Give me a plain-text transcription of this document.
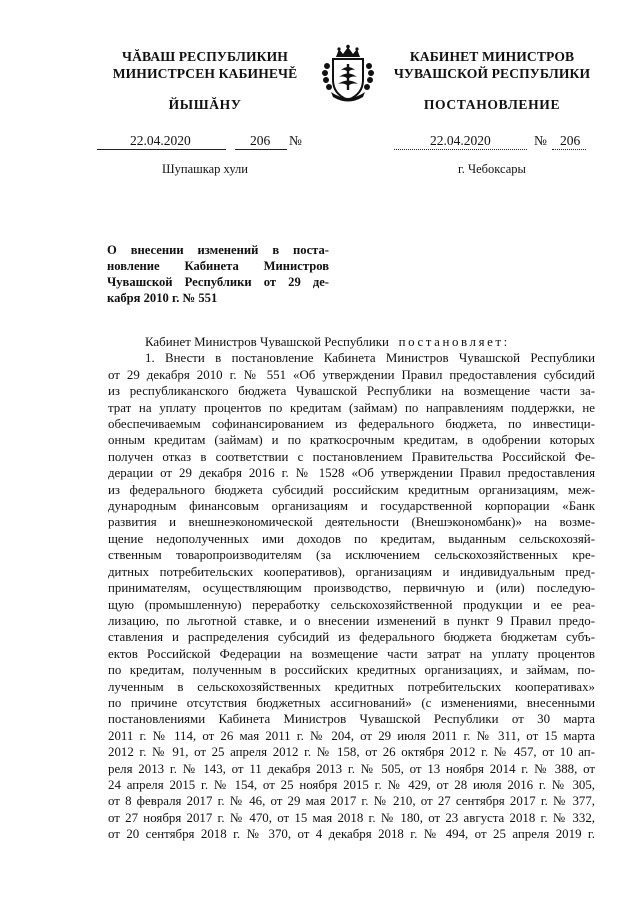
ЧĂВАШ РЕСПУБЛИКИН
МИНИСТРСЕН КАБИНЕЧĚ
ЙЫШĂНУ
КАБИНЕТ МИНИСТРОВ
ЧУВАШСКОЙ РЕСПУБЛИКИ
ПОСТАНОВЛЕНИЕ
22.04.2020	206 №	22.04.2020	№ 206
Шупашкар хули	г. Чебоксары
О внесении изменений в поста-
новление Кабинета Министров
Чувашской Республики от 29 де-
кабря 2010 г. № 551
Кабинет Министров Чувашской Республики постановляет:
1. Внести в постановление Кабинета Министров Чувашской Республики
от 29 декабря 2010 г. № 551 «Об утверждении Правил предоставления субсидий
из республиканского бюджета Чувашской Республики на возмещение части за-
трат на уплату процентов по кредитам (займам) по направлениям поддержки, не
обеспечиваемым софинансированием из федерального бюджета, по инвестици-
онным кредитам (займам) и по краткосрочным кредитам, в одобрении которых
получен отказ в соответствии с постановлением Правительства Российской Фе-
дерации от 29 декабря 2016 г. № 1528 «Об утверждении Правил предоставления
из федерального бюджета субсидий российским кредитным организациям, меж-
дународным финансовым организациям и государственной корпорации «Банк
развития и внешнеэкономической деятельности (Внешэкономбанк)» на возме-
щение недополученных ими доходов по кредитам, выданным сельскохозяй-
ственным товаропроизводителям (за исключением сельскохозяйственных кре-
дитных потребительских кооперативов), организациям и индивидуальным пред-
принимателям, осуществляющим производство, первичную и (или) последую-
щую (промышленную) переработку сельскохозяйственной продукции и ее реа-
лизацию, по льготной ставке, и о внесении изменений в пункт 9 Правил предо-
ставления и распределения субсидий из федерального бюджета бюджетам субъ-
ектов Российской Федерации на возмещение части затрат на уплату процентов
по кредитам, полученным в российских кредитных организациях, и займам, по-
лученным в сельскохозяйственных кредитных потребительских кооперативах»
по причине отсутствия бюджетных ассигнований» (с изменениями, внесенными
постановлениями Кабинета Министров Чувашской Республики от 30 марта
2011 г. № 114, от 26 мая 2011 г. № 204, от 29 июля 2011 г. № 311, от 15 марта
2012 г. № 91, от 25 апреля 2012 г. № 158, от 26 октября 2012 г. № 457, от 10 ап-
реля 2013 г. № 143, от 11 декабря 2013 г. № 505, от 13 ноября 2014 г. № 388, от
24 апреля 2015 г. № 154, от 25 ноября 2015 г. № 429, от 28 июля 2016 г. № 305,
от 8 февраля 2017 г. № 46, от 29 мая 2017 г. № 210, от 27 сентября 2017 г. № 377,
от 27 ноября 2017 г. № 470, от 15 мая 2018 г. № 180, от 23 августа 2018 г. № 332,
от 20 сентября 2018 г. № 370, от 4 декабря 2018 г. № 494, от 25 апреля 2019 г.
